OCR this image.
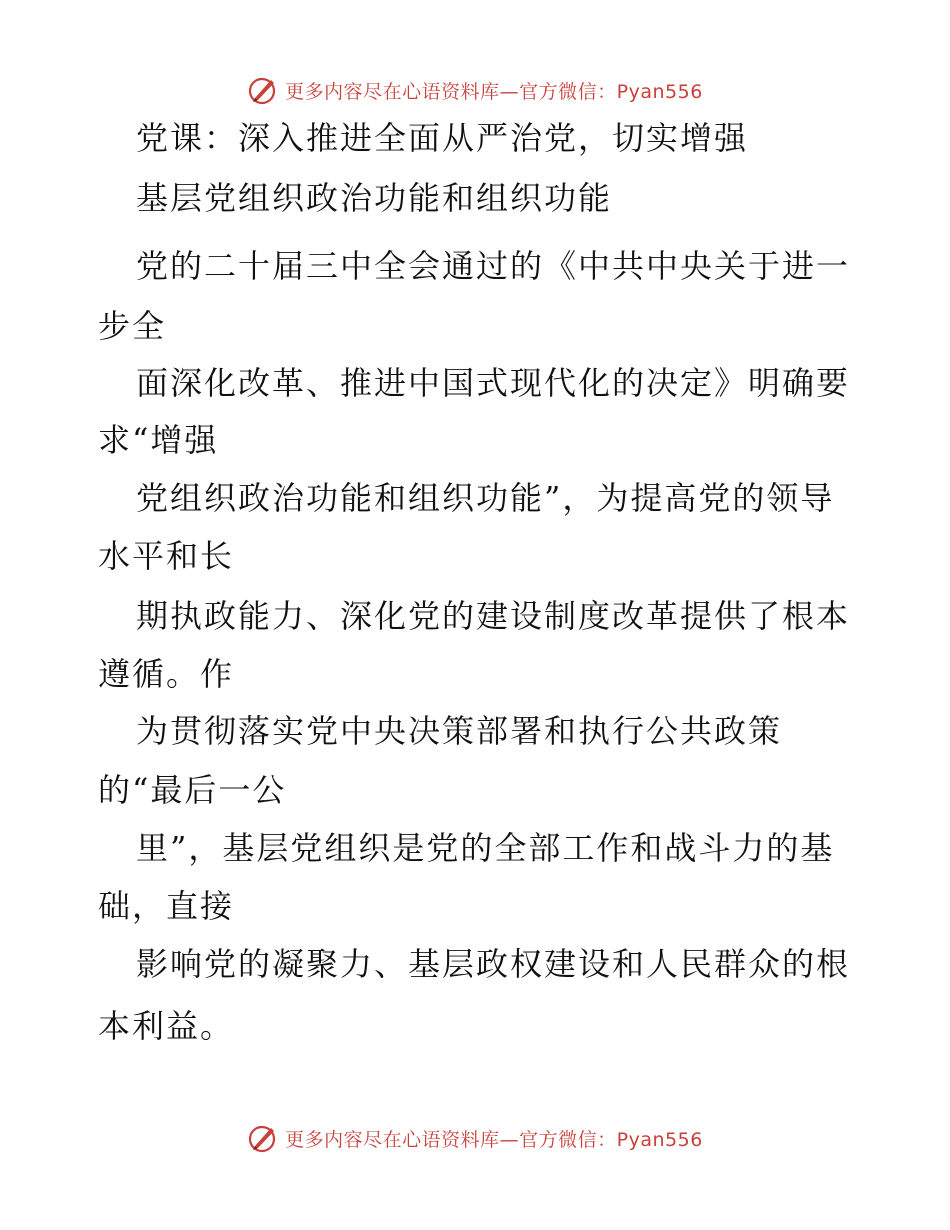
更多内容尽在心语资料库—官方微信：Pyan556
党课：深入推进全面从严治党，切实增强
基层党组织政治功能和组织功能
党的二十届三中全会通过的《中共中央关于进一
步全
面深化改革、推进中国式现代化的决定》明确要
求“增强
党组织政治功能和组织功能”，为提高党的领导
水平和长
期执政能力、深化党的建设制度改革提供了根本
遵循。作
为贯彻落实党中央决策部署和执行公共政策
的“最后一公
里”，基层党组织是党的全部工作和战斗力的基
础，直接
影响党的凝聚力、基层政权建设和人民群众的根
本利益。
更多内容尽在心语资料库—官方微信：Pyan556
